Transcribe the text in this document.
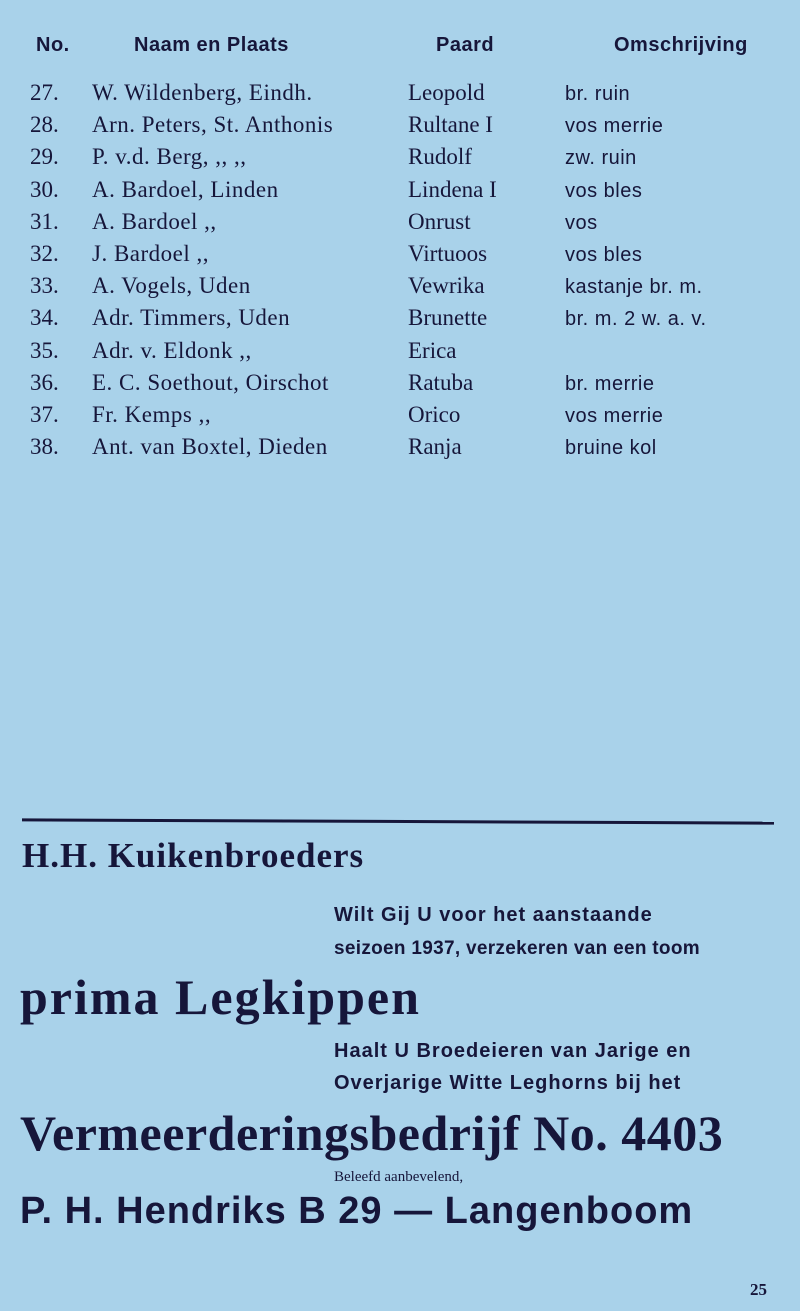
No.	Naam en Plaats	Paard	Omschrijving
27. W. Wildenberg, Eindh.	Leopold	br. ruin
28. Arn. Peters, St. Anthonis	Rultane I	vos merrie
29. P. v.d. Berg, ,, ,,	Rudolf	zw. ruin
30. A. Bardoel, Linden	Lindena I	vos bles
31. A. Bardoel ,,	Onrust	vos
32. J. Bardoel ,,	Virtuoos	vos bles
33. A. Vogels, Uden	Vewrika	kastanje br. m.
34. Adr. Timmers, Uden	Brunette	br. m. 2 w. a. v.
35. Adr. v. Eldonk ,,	Erica
36. E. C. Soethout, Oirschot	Ratuba	br. merrie
37. Fr. Kemps ,,	Orico	vos merrie
38. Ant. van Boxtel, Dieden	Ranja	bruine kol
H.H. Kuikenbroeders
Wilt Gij U voor het aanstaande
seizoen 1937, verzekeren van een toom
prima Legkippen
Haalt U Broedeieren van Jarige en
Overjarige Witte Leghorns bij het
Vermeerderingsbedrijf No. 4403
Beleefd aanbevelend,
P. H. Hendriks B 29 — Langenboom
25
